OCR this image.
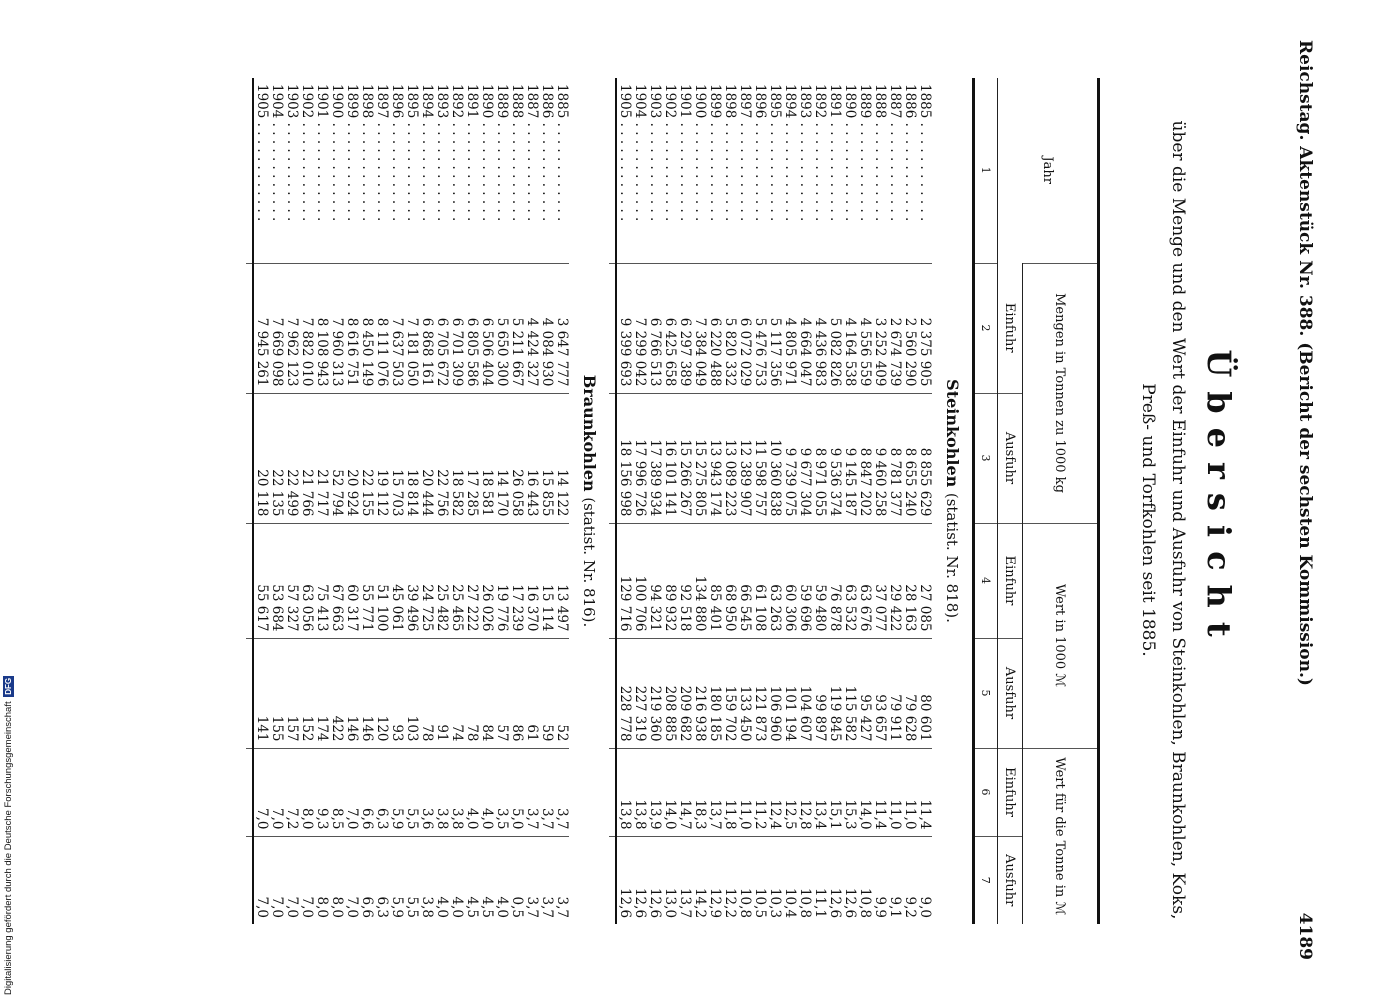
Reichstag. Aktenstück Nr. 388. (Bericht der sechsten Kommission.)
4189
Übersicht
über die Menge und den Wert der Einfuhr und Ausfuhr von Steinkohlen, Braunkohlen, Koks, Preß- und Torfkohlen seit 1885.
Jahr	Mengen in Tonnen zu 1000 kg		Wert in 1000 ℳ		Wert für die Tonne in ℳ	
	Einfuhr	Ausfuhr	Einfuhr	Ausfuhr	Einfuhr	Ausfuhr
1	2	3	4	5	6	7
Steinkohlen (statist. Nr. 818).						
1885 . . . . . . . . . . . .	2 375 905	8 855 629	27 085	80 601	11,4	9,0
1886 . . . . . . . . . . . .	2 560 290	8 655 240	28 163	79 628	11,0	9,2
1887 . . . . . . . . . . . .	2 674 739	8 781 377	29 422	79 911	11,0	9,1
1888 . . . . . . . . . . . .	3 252 409	9 460 258	37 077	93 657	11,4	9,9
1889 . . . . . . . . . . . .	4 556 559	8 847 202	63 676	95 427	14,0	10,8
1890 . . . . . . . . . . . .	4 164 538	9 145 187	63 532	115 582	15,3	12,6
1891 . . . . . . . . . . . .	5 082 826	9 536 374	76 878	119 845	15,1	12,6
1892 . . . . . . . . . . . .	4 436 983	8 971 055	59 480	99 897	13,4	11,1
1893 . . . . . . . . . . . .	4 664 047	9 677 304	59 696	104 607	12,8	10,8
1894 . . . . . . . . . . . .	4 805 971	9 739 075	60 306	101 194	12,5	10,4
1895 . . . . . . . . . . . .	5 117 356	10 360 838	63 263	106 960	12,4	10,3
1896 . . . . . . . . . . . .	5 476 753	11 598 757	61 108	121 873	11,2	10,5
1897 . . . . . . . . . . . .	6 072 029	12 389 907	66 545	133 450	11,0	10,8
1898 . . . . . . . . . . . .	5 820 332	13 089 223	68 950	159 702	11,8	12,2
1899 . . . . . . . . . . . .	6 220 488	13 943 174	85 401	180 185	13,7	12,9
1900 . . . . . . . . . . . .	7 384 049	15 275 805	134 880	216 938	18,3	14,2
1901 . . . . . . . . . . . .	6 297 389	15 266 267	92 518	209 682	14,7	13,7
1902 . . . . . . . . . . . .	6 425 658	16 101 141	89 932	208 885	14,0	13,0
1903 . . . . . . . . . . . .	6 766 513	17 389 934	94 321	219 360	13,9	12,6
1904 . . . . . . . . . . . .	7 299 042	17 996 726	100 706	227 319	13,8	12,6
1905 . . . . . . . . . . . .	9 399 693	18 156 998	129 716	228 778	13,8	12,6

Braunkohlen (statist. Nr. 816).						
1885 . . . . . . . . . . . .	3 647 777	14 122	13 497	52	3,7	3,7
1886 . . . . . . . . . . . .	4 084 930	15 855	15 114	59	3,7	3,7
1887 . . . . . . . . . . . .	4 424 327	16 443	16 370	61	3,7	3,7
1888 . . . . . . . . . . . .	5 211 667	26 058	17 239	86	5,0	0,5
1889 . . . . . . . . . . . .	5 650 300	14 170	19 776	57	3,5	4,0
1890 . . . . . . . . . . . .	6 506 404	18 581	26 026	84	4,0	4,5
1891 . . . . . . . . . . . .	6 805 586	17 285	27 222	78	4,0	4,5
1892 . . . . . . . . . . . .	6 701 309	18 582	25 465	74	3,8	4,0
1893 . . . . . . . . . . . .	6 705 672	22 756	25 482	91	3,8	4,0
1894 . . . . . . . . . . . .	6 868 161	20 444	24 725	78	3,6	3,8
1895 . . . . . . . . . . . .	7 181 050	18 814	39 496	103	5,5	5,5
1896 . . . . . . . . . . . .	7 637 503	15 703	45 061	93	5,9	5,9
1897 . . . . . . . . . . . .	8 111 076	19 112	51 100	120	6,3	6,3
1898 . . . . . . . . . . . .	8 450 149	22 155	55 771	146	6,6	6,6
1899 . . . . . . . . . . . .	8 616 751	20 924	60 317	146	7,0	7,0
1900 . . . . . . . . . . . .	7 960 313	52 794	67 663	422	8,5	8,0
1901 . . . . . . . . . . . .	8 108 943	21 717	75 413	174	9,3	8,0
1902 . . . . . . . . . . . .	7 882 010	21 766	63 056	152	8,0	7,0
1903 . . . . . . . . . . . .	7 962 123	22 499	57 327	157	7,2	7,0
1904 . . . . . . . . . . . .	7 669 098	22 135	53 684	155	7,0	7,0
1905 . . . . . . . . . . . .	7 945 261	20 118	55 617	141	7,0	7,0

Digitalisierung gefördert durch die Deutsche Forschungsgemeinschaft DFG
